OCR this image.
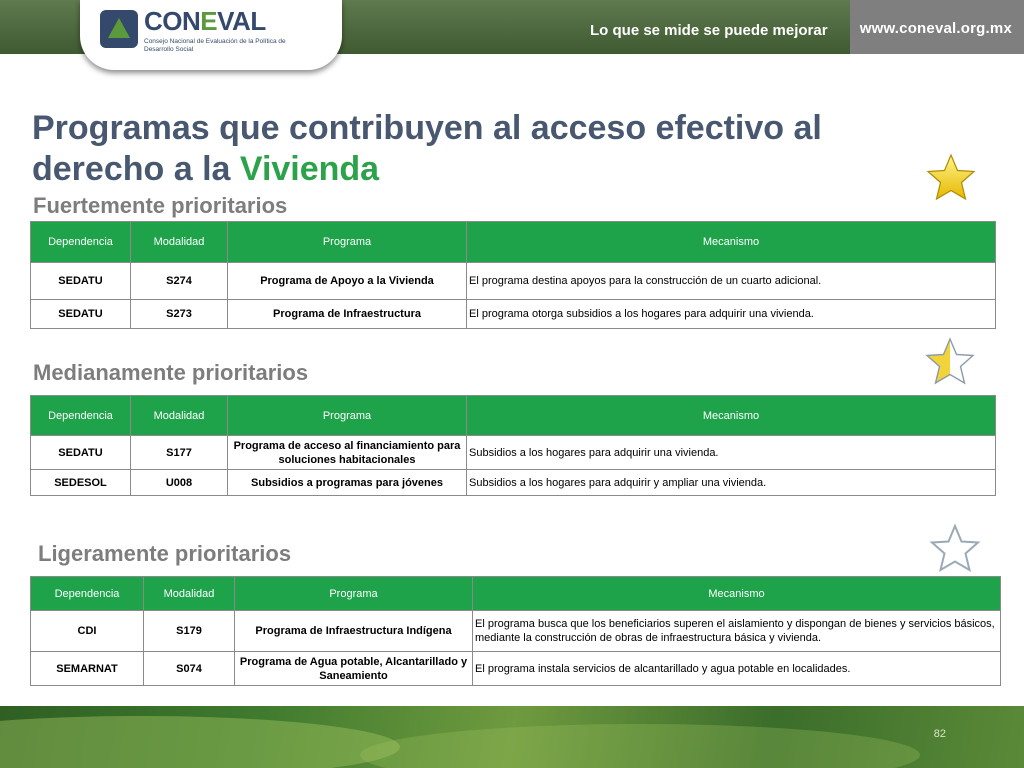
www.coneval.org.mx
Lo que se mide se puede mejorar
CONEVAL
Consejo Nacional de Evaluación de la Política de Desarrollo Social
Programas que contribuyen al acceso efectivo al
derecho a la Vivienda
Fuertemente prioritarios
Dependencia	Modalidad	Programa	Mecanismo
SEDATU	S274	Programa de Apoyo a la Vivienda	El programa destina apoyos para la construcción de un cuarto adicional.
SEDATU	S273	Programa de Infraestructura	El programa otorga subsidios a los hogares para adquirir una vivienda.
Medianamente prioritarios
Dependencia	Modalidad	Programa	Mecanismo
SEDATU	S177	Programa de acceso al financiamiento para soluciones habitacionales	Subsidios a los hogares para adquirir una vivienda.
SEDESOL	U008	Subsidios a programas para jóvenes	Subsidios a los hogares para adquirir y ampliar una vivienda.
Ligeramente prioritarios
Dependencia	Modalidad	Programa	Mecanismo
CDI	S179	Programa de Infraestructura Indígena	El programa busca que los beneficiarios superen el aislamiento y dispongan de bienes y servicios básicos, mediante la construcción de obras de infraestructura básica y vivienda.
SEMARNAT	S074	Programa de Agua potable, Alcantarillado y Saneamiento	El programa instala servicios de alcantarillado y agua potable en localidades.
82
